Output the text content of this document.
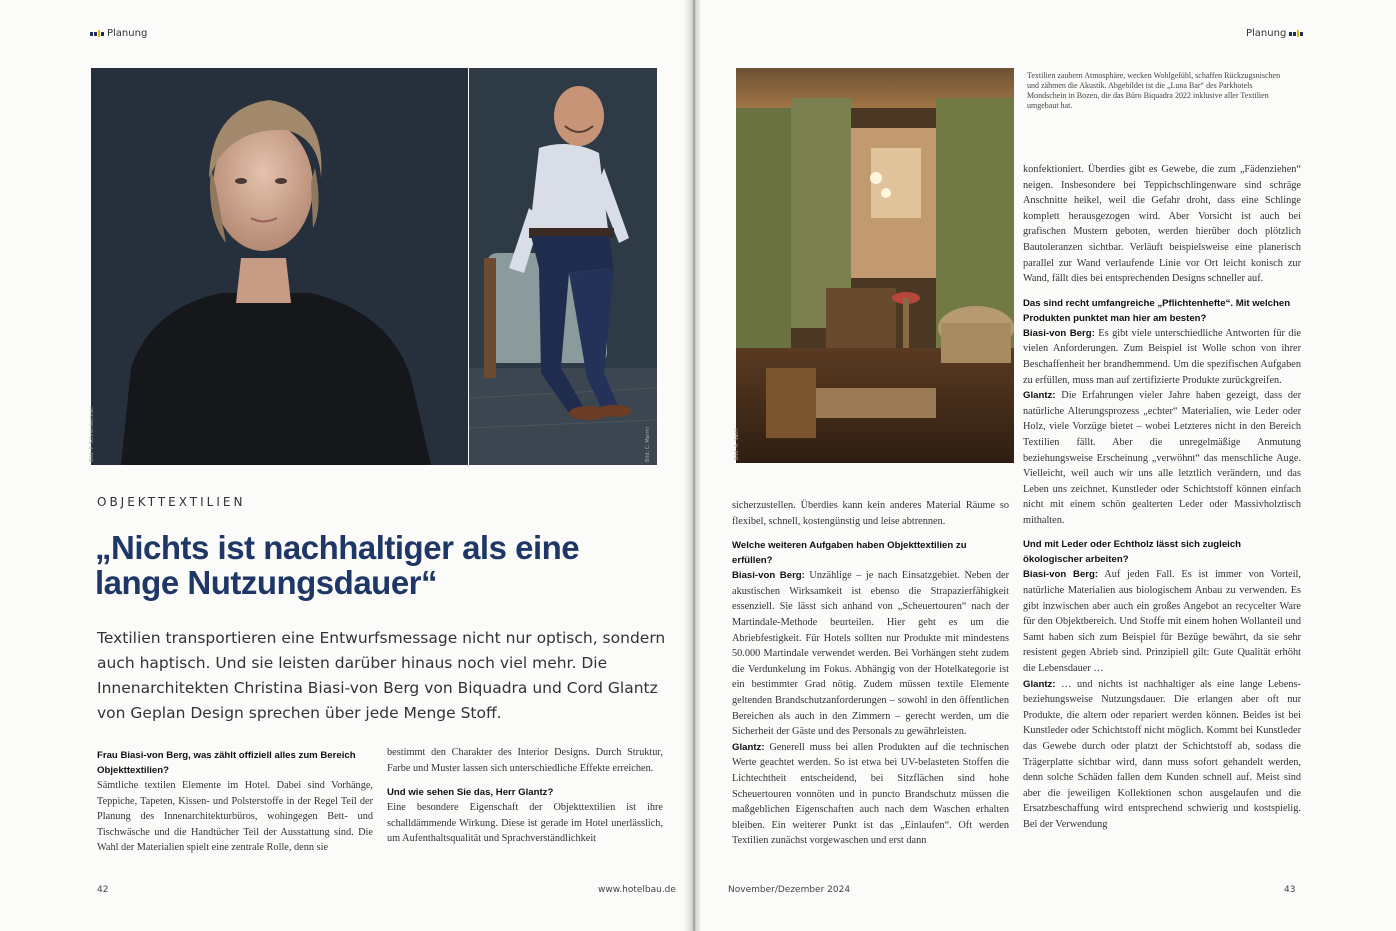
Planung
Bild: P. Schreinlechner	Bild: C. Marmi
OBJEKTTEXTILIEN
„Nichts ist nachhaltiger als eine lange Nutzungsdauer“

Textilien transportieren eine Entwurfsmessage nicht nur optisch, sondern auch haptisch. Und sie leisten darüber hinaus noch viel mehr. Die Innenarchitekten Christina Biasi-von Berg von Biquadra und Cord Glantz von Geplan Design sprechen über jede Menge Stoff.

Frau Biasi-von Berg, was zählt offiziell alles zum Bereich Objekttextilien?

Sämtliche textilen Elemente im Hotel. Dabei sind Vorhänge, Teppiche, Tapeten, Kissen- und Polsterstoffe in der Regel Teil der Planung des Innenarchitekturbüros, wohingegen Bett- und Tischwäsche und die Handtücher Teil der Ausstattung sind. Die Wahl der Materialien spielt eine zentrale Rolle, denn sie

bestimmt den Charakter des Interior Designs. Durch Struktur, Farbe und Muster lassen sich unterschiedliche Effekte erreichen.

Und wie sehen Sie das, Herr Glantz?

Eine besondere Eigenschaft der Objekttextilien ist ihre schalldämmende Wirkung. Diese ist gerade im Hotel unerlässlich, um Aufenthaltsqualität und Sprachverständlichkeit

42	www.hotelbau.de
Planung
Bild: A. Santi

Textilien zaubern Atmosphäre, wecken Wohlgefühl, schaffen Rückzugsnischen und zähmen die Akustik. Abgebildet ist die „Luna Bar“ des Parkhotels Mondschein in Bozen, die das Büro Biquadra 2022 inklusive aller Textilien umgebaut hat.

sicherzustellen. Überdies kann kein anderes Material Räume so flexibel, schnell, kostengünstig und leise abtrennen.

Welche weiteren Aufgaben haben Objekttextilien zu erfüllen?

Biasi-von Berg: Unzählige – je nach Einsatzgebiet. Neben der akustischen Wirksamkeit ist ebenso die Strapazierfähigkeit essenziell. Sie lässt sich anhand von „Scheuertouren“ nach der Martindale-Methode beurteilen. Hier geht es um die Abriebfestigkeit. Für Hotels sollten nur Produkte mit mindestens 50.000 Martindale verwendet werden. Bei Vorhängen steht zudem die Verdunkelung im Fokus. Abhängig von der Hotelkategorie ist ein bestimmter Grad nötig. Zudem müssen textile Elemente geltenden Brandschutzanforderungen – sowohl in den öffentlichen Bereichen als auch in den Zimmern – gerecht werden, um die Sicherheit der Gäste und des Personals zu gewährleisten.

Glantz: Generell muss bei allen Produkten auf die technischen Werte geachtet werden. So ist etwa bei UV-belasteten Stoffen die Lichtechtheit entscheidend, bei Sitzflächen sind hohe Scheuertouren vonnöten und in puncto Brandschutz müssen die maßgeblichen Eigenschaften auch nach dem Waschen erhalten bleiben. Ein weiterer Punkt ist das „Einlaufen“. Oft werden Textilien zunächst vorgewaschen und erst dann

konfektioniert. Überdies gibt es Gewebe, die zum „Fädenziehen“ neigen. Insbesondere bei Teppichschlingenware sind schräge Anschnitte heikel, weil die Gefahr droht, dass eine Schlinge komplett herausgezogen wird. Aber Vorsicht ist auch bei grafischen Mustern geboten, werden hierüber doch plötzlich Bautoleranzen sichtbar. Verläuft beispielsweise eine planerisch parallel zur Wand verlaufende Linie vor Ort leicht konisch zur Wand, fällt dies bei entsprechenden Designs schneller auf.

Das sind recht umfangreiche „Pflichtenhefte“. Mit welchen Produkten punktet man hier am besten?

Biasi-von Berg: Es gibt viele unterschiedliche Antworten für die vielen Anforderungen. Zum Beispiel ist Wolle schon von ihrer Beschaffenheit her brandhemmend. Um die spezifischen Aufgaben zu erfüllen, muss man auf zertifizierte Produkte zurückgreifen.

Glantz: Die Erfahrungen vieler Jahre haben gezeigt, dass der natürliche Alterungsprozess „echter“ Materialien, wie Leder oder Holz, viele Vorzüge bietet – wobei Letzteres nicht in den Bereich Textilien fällt. Aber die unregelmäßige Anmutung beziehungsweise Erscheinung „verwöhnt“ das menschliche Auge. Vielleicht, weil auch wir uns alle letztlich verändern, und das Leben uns zeichnet. Kunstleder oder Schichtstoff können einfach nicht mit einem schön gealterten Leder oder Massivholztisch mithalten.

Und mit Leder oder Echtholz lässt sich zugleich ökologischer arbeiten?

Biasi-von Berg: Auf jeden Fall. Es ist immer von Vorteil, natürliche Materialien aus biologischem Anbau zu verwenden. Es gibt inzwischen aber auch ein großes Angebot an recycelter Ware für den Objektbereich. Und Stoffe mit einem hohen Wollanteil und Samt haben sich zum Beispiel für Bezüge bewährt, da sie sehr resistent gegen Abrieb sind. Prinzipiell gilt: Gute Qualität erhöht die Lebensdauer …

Glantz: … und nichts ist nachhaltiger als eine lange Lebens- beziehungsweise Nutzungsdauer. Die erlangen aber oft nur Produkte, die altern oder repariert werden können. Beides ist bei Kunstleder oder Schichtstoff nicht möglich. Kommt bei Kunstleder das Gewebe durch oder platzt der Schichtstoff ab, sodass die Trägerplatte sichtbar wird, dann muss sofort gehandelt werden, denn solche Schäden fallen dem Kunden schnell auf. Meist sind aber die jeweiligen Kollektionen schon ausgelaufen und die Ersatzbeschaffung wird entsprechend schwierig und kostspielig. Bei der Verwendung

November/Dezember 2024	43
